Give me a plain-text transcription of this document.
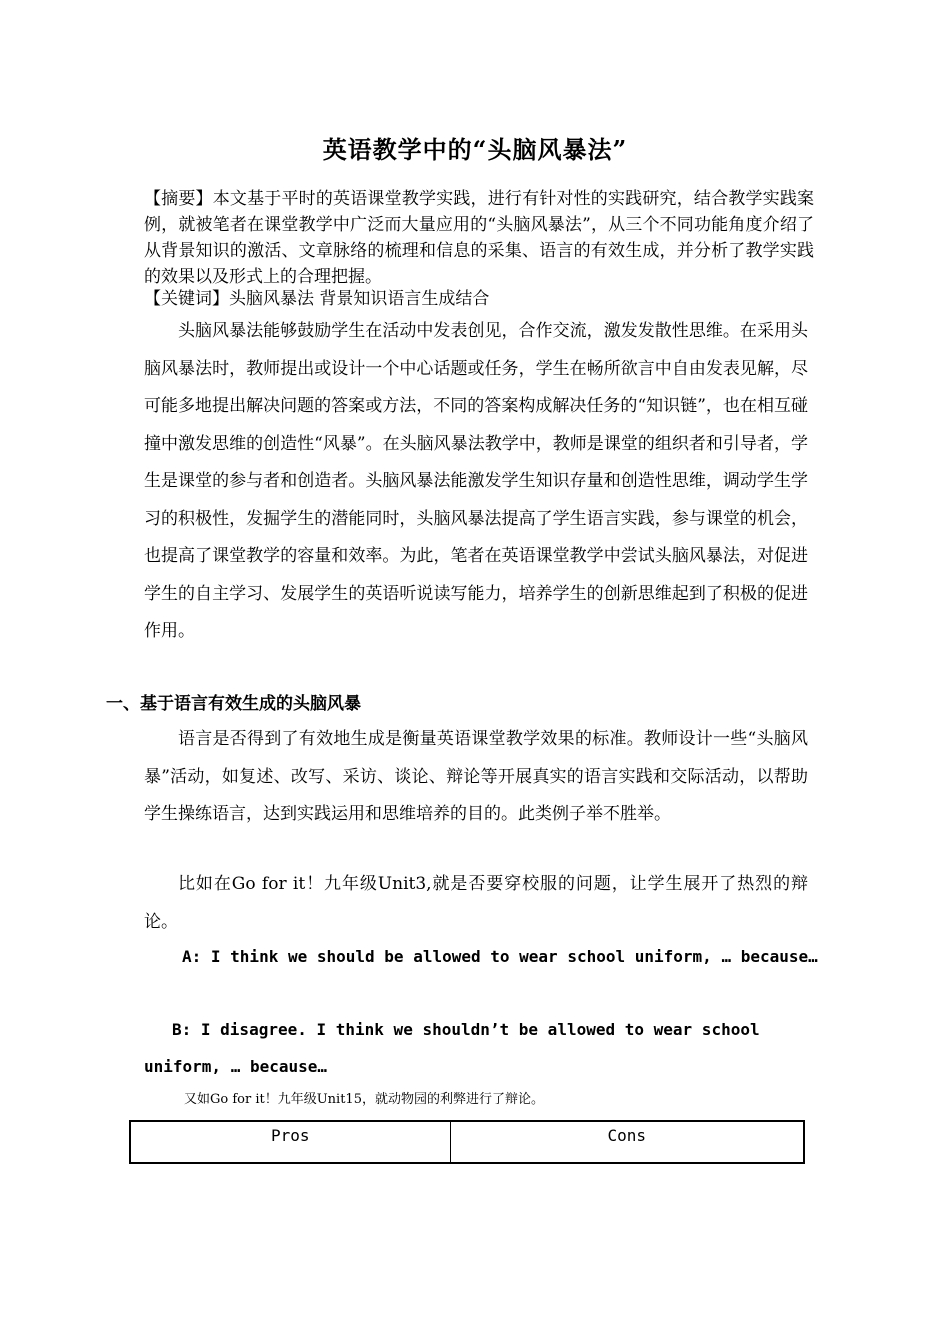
英语教学中的“头脑风暴法”
【摘要】本文基于平时的英语课堂教学实践，进行有针对性的实践研究，结合教学实践案例，就被笔者在课堂教学中广泛而大量应用的“头脑风暴法”，从三个不同功能角度介绍了从背景知识的激活、文章脉络的梳理和信息的采集、语言的有效生成，并分析了教学实践的效果以及形式上的合理把握。
【关键词】头脑风暴法 背景知识语言生成结合
头脑风暴法能够鼓励学生在活动中发表创见，合作交流，激发发散性思维。在采用头脑风暴法时，教师提出或设计一个中心话题或任务，学生在畅所欲言中自由发表见解，尽可能多地提出解决问题的答案或方法，不同的答案构成解决任务的“知识链”，也在相互碰撞中激发思维的创造性“风暴”。在头脑风暴法教学中，教师是课堂的组织者和引导者，学生是课堂的参与者和创造者。头脑风暴法能激发学生知识存量和创造性思维，调动学生学习的积极性，发掘学生的潜能同时，头脑风暴法提高了学生语言实践，参与课堂的机会，也提高了课堂教学的容量和效率。为此，笔者在英语课堂教学中尝试头脑风暴法，对促进学生的自主学习、发展学生的英语听说读写能力，培养学生的创新思维起到了积极的促进作用。
一、基于语言有效生成的头脑风暴
语言是否得到了有效地生成是衡量英语课堂教学效果的标准。教师设计一些“头脑风暴”活动，如复述、改写、采访、谈论、辩论等开展真实的语言实践和交际活动，以帮助学生操练语言，达到实践运用和思维培养的目的。此类例子举不胜举。
比如在Go for it！九年级Unit3,就是否要穿校服的问题，让学生展开了热烈的辩论。
A: I think we should be allowed to wear school uniform, … because…
B: I disagree. I think we shouldn’t be allowed to wear school uniform, … because…
又如Go for it！九年级Unit15，就动物园的利弊进行了辩论。
Pros	Cons
